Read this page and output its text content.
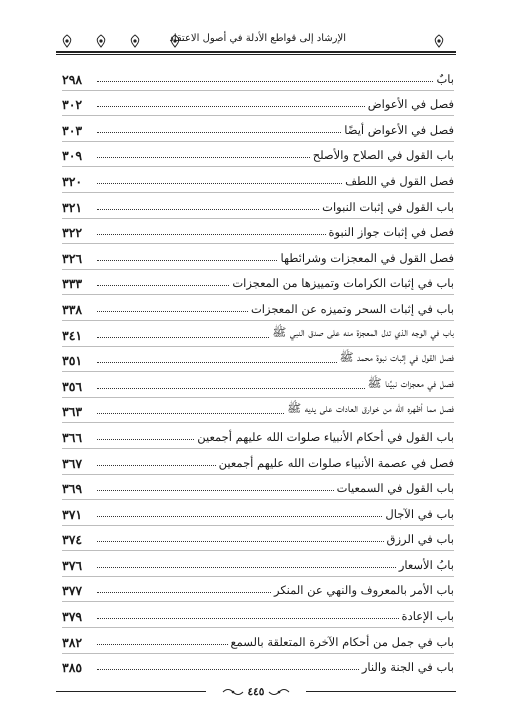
الإرشاد إلى قواطع الأدلة في أصول الاعتقاد
بابٌ
٢٩٨
فصل في الأعواض
٣٠٢
فصل في الأعواض أيضًا
٣٠٣
باب القول في الصلاح والأصلح
٣٠٩
فصل القول في اللطف
٣٢٠
باب القول في إثبات النبوات
٣٢١
فصل في إثبات جواز النبوة
٣٢٢
فصل القول في المعجزات وشرائطها
٣٢٦
باب في إثبات الكرامات وتمييزها من المعجزات
٣٣٣
باب في إثبات السحر وتميزه عن المعجزات
٣٣٨
باب في الوجه الذي تدل المعجزة منه على صدق النبي ﷺ
٣٤١
فصل القول في إثبات نبوة محمد ﷺ
٣٥١
فصل في معجزات نبيِّنا ﷺ
٣٥٦
فصل مما أظهره الله من خوارق العادات على يديه ﷺ
٣٦٣
باب القول في أحكام الأنبياء صلوات الله عليهم أجمعين
٣٦٦
فصل في عصمة الأنبياء صلوات الله عليهم أجمعين
٣٦٧
باب القول في السمعيات
٣٦٩
باب في الآجال
٣٧١
باب في الرزق
٣٧٤
بابُ الأسعار
٣٧٦
باب الأمر بالمعروف والنهي عن المنكر
٣٧٧
باب الإعادة
٣٧٩
باب في جمل من أحكام الآخرة المتعلقة بالسمع
٣٨٢
باب في الجنة والنار
٣٨٥
٤٤٥
